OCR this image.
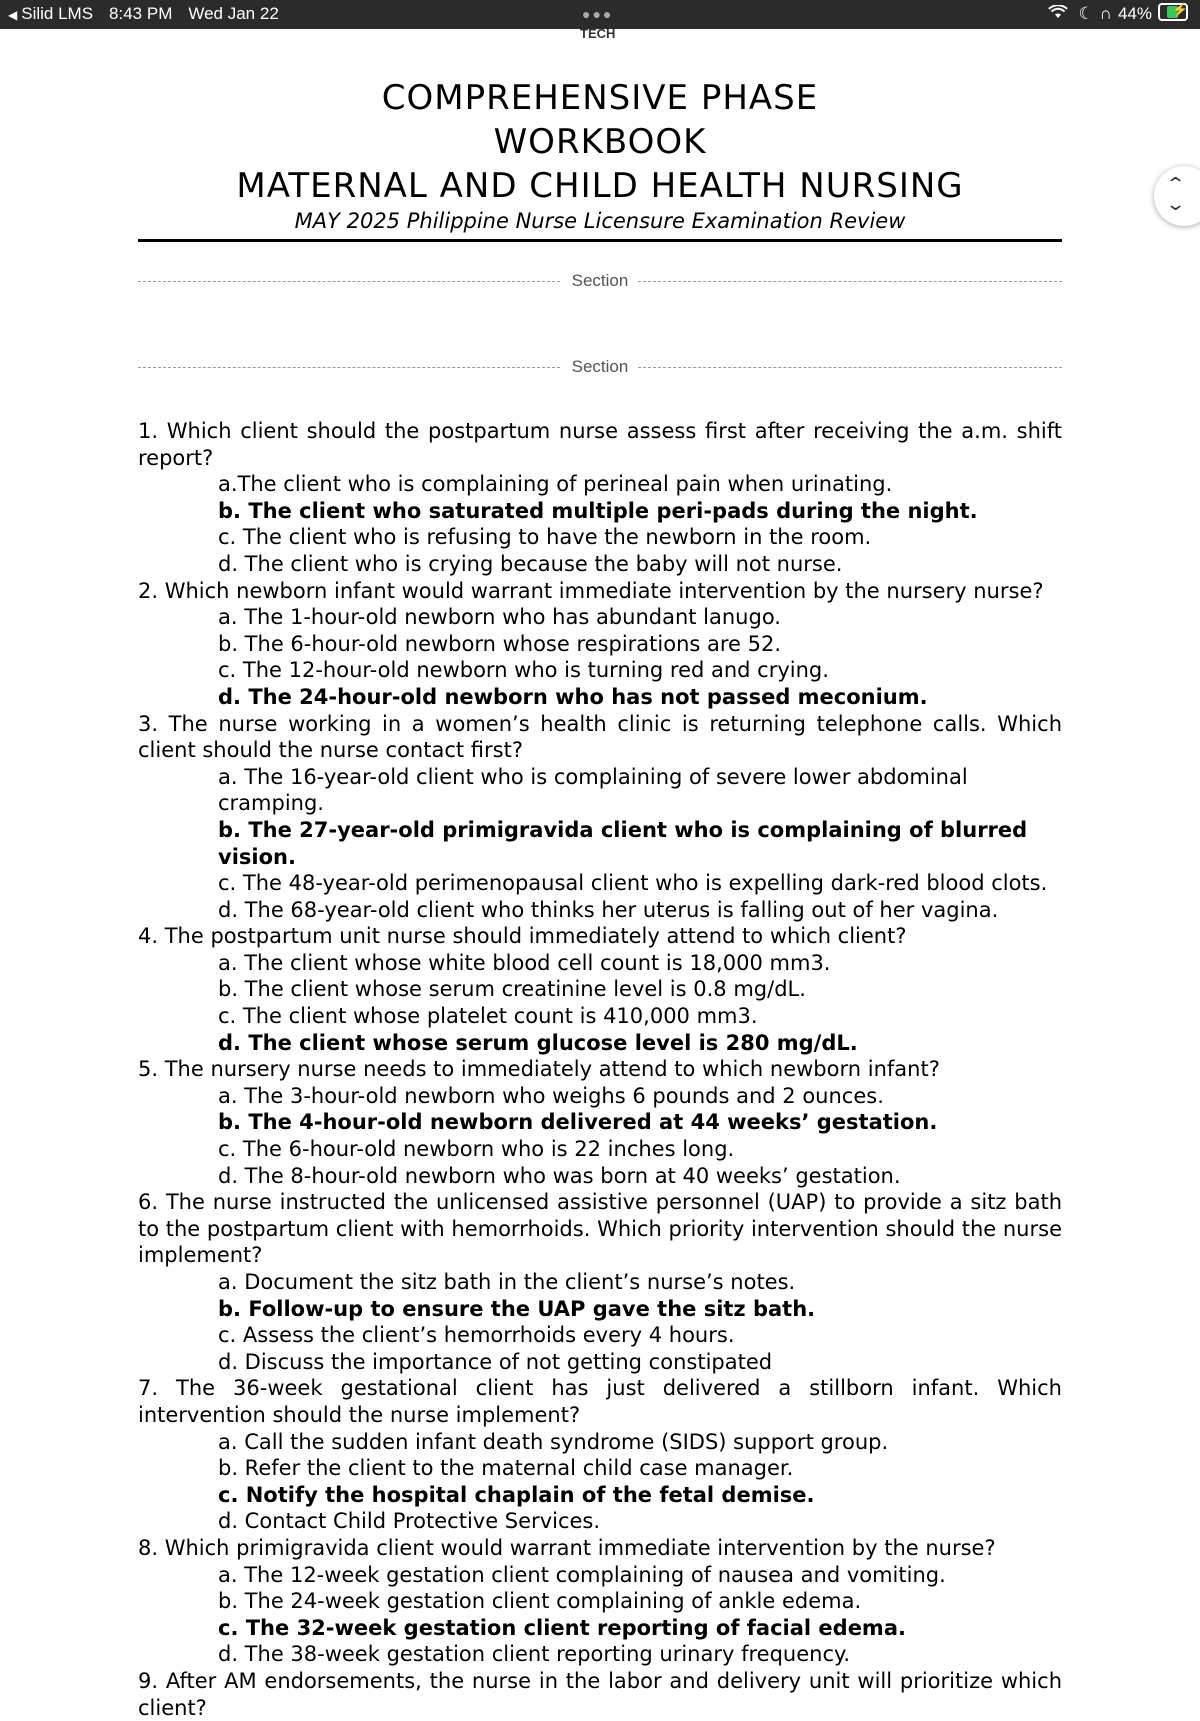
◀ Silid LMS 8:43 PM Wed Jan 22	●●●	☾ ∩ 44% ⚡
TECH
⌃
⌄
COMPREHENSIVE PHASE
WORKBOOK
MATERNAL AND CHILD HEALTH NURSING
MAY 2025 Philippine Nurse Licensure Examination Review
Section
Section

1. Which client should the postpartum nurse assess first after receiving the a.m. shift report?

a.The client who is complaining of perineal pain when urinating.

b. The client who saturated multiple peri-pads during the night.

c. The client who is refusing to have the newborn in the room.

d. The client who is crying because the baby will not nurse.

2. Which newborn infant would warrant immediate intervention by the nursery nurse?

a. The 1-hour-old newborn who has abundant lanugo.

b. The 6-hour-old newborn whose respirations are 52.

c. The 12-hour-old newborn who is turning red and crying.

d. The 24-hour-old newborn who has not passed meconium.

3. The nurse working in a women’s health clinic is returning telephone calls. Which client should the nurse contact first?

a. The 16-year-old client who is complaining of severe lower abdominal cramping.

b. The 27-year-old primigravida client who is complaining of blurred vision.

c. The 48-year-old perimenopausal client who is expelling dark-red blood clots.

d. The 68-year-old client who thinks her uterus is falling out of her vagina.

4. The postpartum unit nurse should immediately attend to which client?

a. The client whose white blood cell count is 18,000 mm3.

b. The client whose serum creatinine level is 0.8 mg/dL.

c. The client whose platelet count is 410,000 mm3.

d. The client whose serum glucose level is 280 mg/dL.

5. The nursery nurse needs to immediately attend to which newborn infant?

a. The 3-hour-old newborn who weighs 6 pounds and 2 ounces.

b. The 4-hour-old newborn delivered at 44 weeks’ gestation.

c. The 6-hour-old newborn who is 22 inches long.

d. The 8-hour-old newborn who was born at 40 weeks’ gestation.

6. The nurse instructed the unlicensed assistive personnel (UAP) to provide a sitz bath to the postpartum client with hemorrhoids. Which priority intervention should the nurse implement?

a. Document the sitz bath in the client’s nurse’s notes.

b. Follow-up to ensure the UAP gave the sitz bath.

c. Assess the client’s hemorrhoids every 4 hours.

d. Discuss the importance of not getting constipated

7. The 36-week gestational client has just delivered a stillborn infant. Which intervention should the nurse implement?

a. Call the sudden infant death syndrome (SIDS) support group.

b. Refer the client to the maternal child case manager.

c. Notify the hospital chaplain of the fetal demise.

d. Contact Child Protective Services.

8. Which primigravida client would warrant immediate intervention by the nurse?

a. The 12-week gestation client complaining of nausea and vomiting.

b. The 24-week gestation client complaining of ankle edema.

c. The 32-week gestation client reporting of facial edema.

d. The 38-week gestation client reporting urinary frequency.

9. After AM endorsements, the nurse in the labor and delivery unit will prioritize which client?
